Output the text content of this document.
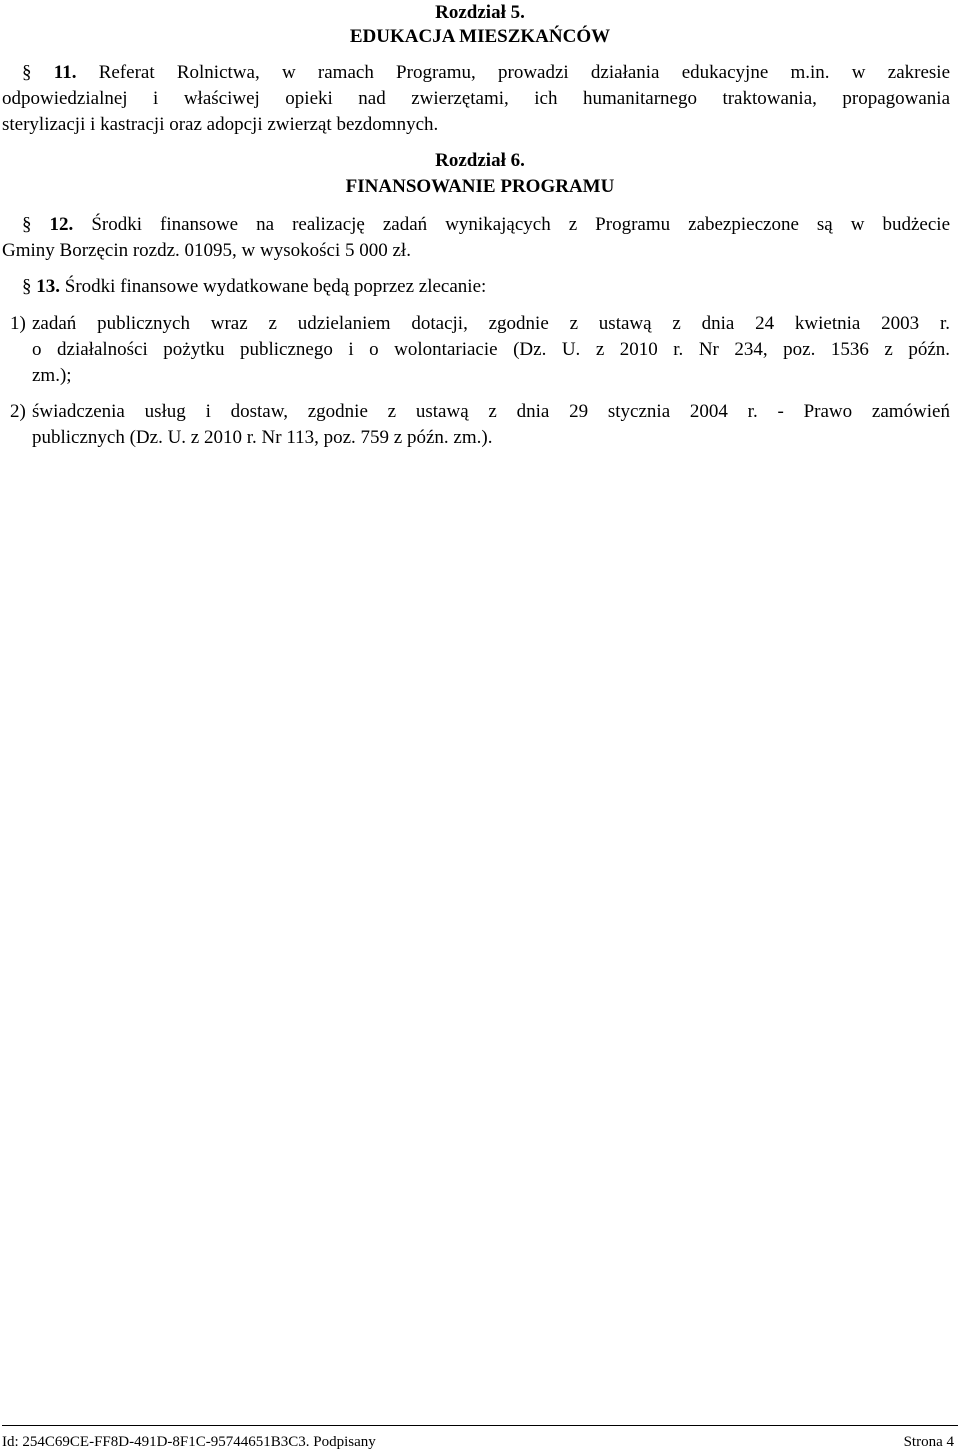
Rozdział 5.
EDUKACJA MIESZKAŃCÓW
§ 11. Referat Rolnictwa, w ramach Programu, prowadzi działania edukacyjne m.in. w zakresie
odpowiedzialnej i właściwej opieki nad zwierzętami, ich humanitarnego traktowania, propagowania
sterylizacji i kastracji oraz adopcji zwierząt bezdomnych.
Rozdział 6.
FINANSOWANIE PROGRAMU
§ 12. Środki finansowe na realizację zadań wynikających z Programu zabezpieczone są w budżecie
Gminy Borzęcin rozdz. 01095, w wysokości 5 000 zł.
§ 13. Środki finansowe wydatkowane będą poprzez zlecanie:
1) zadań publicznych wraz z udzielaniem dotacji, zgodnie z ustawą z dnia 24 kwietnia 2003 r.
o działalności pożytku publicznego i o wolontariacie (Dz. U. z 2010 r. Nr 234, poz. 1536 z późn.
zm.);
2) świadczenia usług i dostaw, zgodnie z ustawą z dnia 29 stycznia 2004 r. - Prawo zamówień
publicznych (Dz. U. z 2010 r. Nr 113, poz. 759 z późn. zm.).
Id: 254C69CE-FF8D-491D-8F1C-95744651B3C3. Podpisany	Strona 4
